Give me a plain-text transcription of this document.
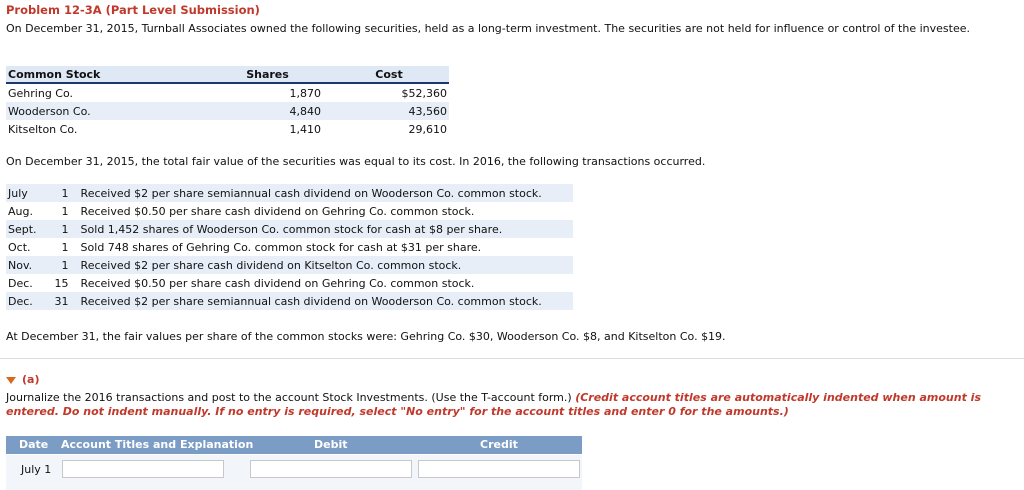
Problem 12-3A (Part Level Submission)
On December 31, 2015, Turnball Associates owned the following securities, held as a long-term investment. The securities are not held for influence or control of the investee.
Common Stock	Shares	Cost
Gehring Co.	1,870	$52,360
Wooderson Co.	4,840	43,560
Kitselton Co.	1,410	29,610
On December 31, 2015, the total fair value of the securities was equal to its cost. In 2016, the following transactions occurred.
July	1	Received $2 per share semiannual cash dividend on Wooderson Co. common stock.
Aug.	1	Received $0.50 per share cash dividend on Gehring Co. common stock.
Sept.	1	Sold 1,452 shares of Wooderson Co. common stock for cash at $8 per share.
Oct.	1	Sold 748 shares of Gehring Co. common stock for cash at $31 per share.
Nov.	1	Received $2 per share cash dividend on Kitselton Co. common stock.
Dec.	15	Received $0.50 per share cash dividend on Gehring Co. common stock.
Dec.	31	Received $2 per share semiannual cash dividend on Wooderson Co. common stock.
At December 31, the fair values per share of the common stocks were: Gehring Co. $30, Wooderson Co. $8, and Kitselton Co. $19.
(a)
Journalize the 2016 transactions and post to the account Stock Investments. (Use the T-account form.) (Credit account titles are automatically indented when amount is entered. Do not indent manually. If no entry is required, select "No entry" for the account titles and enter 0 for the amounts.)
Date Account Titles and Explanation	Debit	Credit
July 1
